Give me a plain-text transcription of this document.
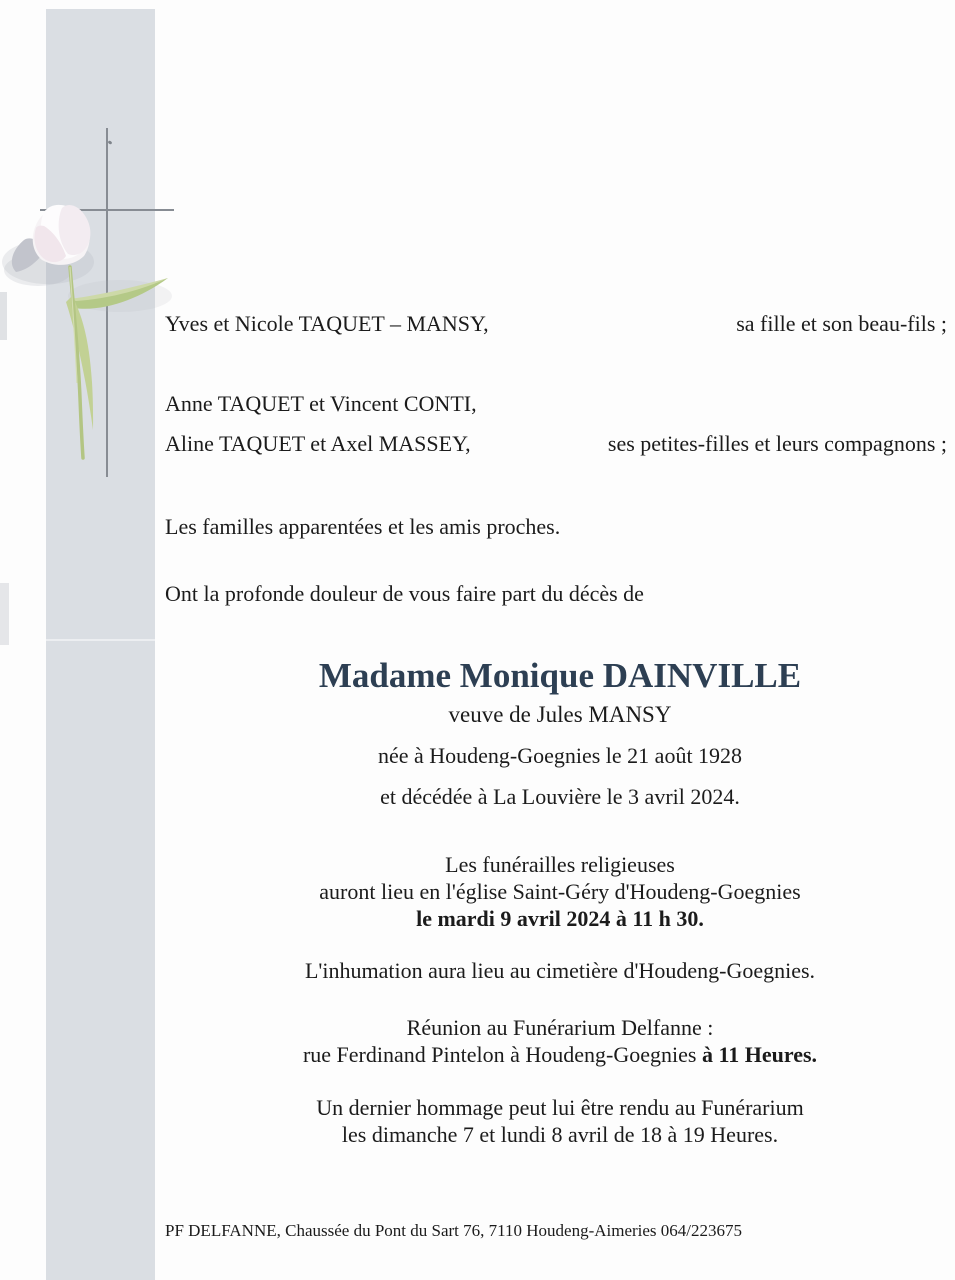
Yves et Nicole TAQUET – MANSY,	sa fille et son beau-fils ;
Anne TAQUET et Vincent CONTI,
Aline TAQUET et Axel MASSEY,	ses petites-filles et leurs compagnons ;
Les familles apparentées et les amis proches.
Ont la profonde douleur de vous faire part du décès de
Madame Monique DAINVILLE
veuve de Jules MANSY
née à Houdeng-Goegnies le 21 août 1928
et décédée à La Louvière le 3 avril 2024.
Les funérailles religieuses
auront lieu en l'église Saint-Géry d'Houdeng-Goegnies
le mardi 9 avril 2024 à 11 h 30.
L'inhumation aura lieu au cimetière d'Houdeng-Goegnies.
Réunion au Funérarium Delfanne :
rue Ferdinand Pintelon à Houdeng-Goegnies à 11 Heures.
Un dernier hommage peut lui être rendu au Funérarium
les dimanche 7 et lundi 8 avril de 18 à 19 Heures.
PF DELFANNE, Chaussée du Pont du Sart 76, 7110 Houdeng-Aimeries 064/223675
